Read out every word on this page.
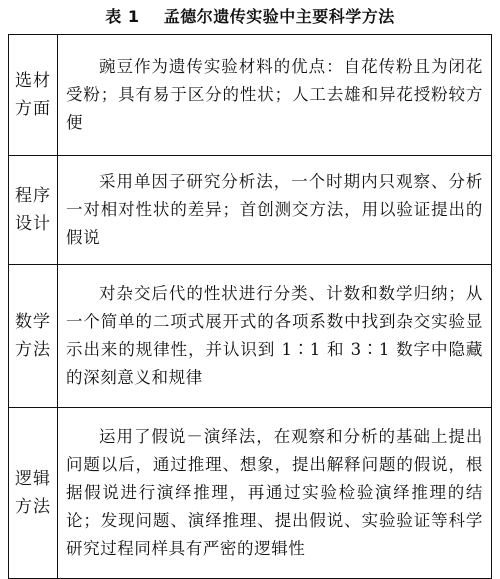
表 1    孟德尔遗传实验中主要科学方法
选材
方面	豌豆作为遗传实验材料的优点：自花传粉且为闭花受粉；具有易于区分的性状；人工去雄和异花授粉较方便

程序
设计	采用单因子研究分析法，一个时期内只观察、分析一对相对性状的差异；首创测交方法，用以验证提出的假说

数学
方法	对杂交后代的性状进行分类、计数和数学归纳；从一个简单的二项式展开式的各项系数中找到杂交实验显示出来的规律性，并认识到 1∶1 和 3∶1 数字中隐藏的深刻意义和规律

逻辑
方法	运用了假说－演绎法，在观察和分析的基础上提出问题以后，通过推理、想象，提出解释问题的假说，根据假说进行演绎推理，再通过实验检验演绎推理的结论；发现问题、演绎推理、提出假说、实验验证等科学研究过程同样具有严密的逻辑性
